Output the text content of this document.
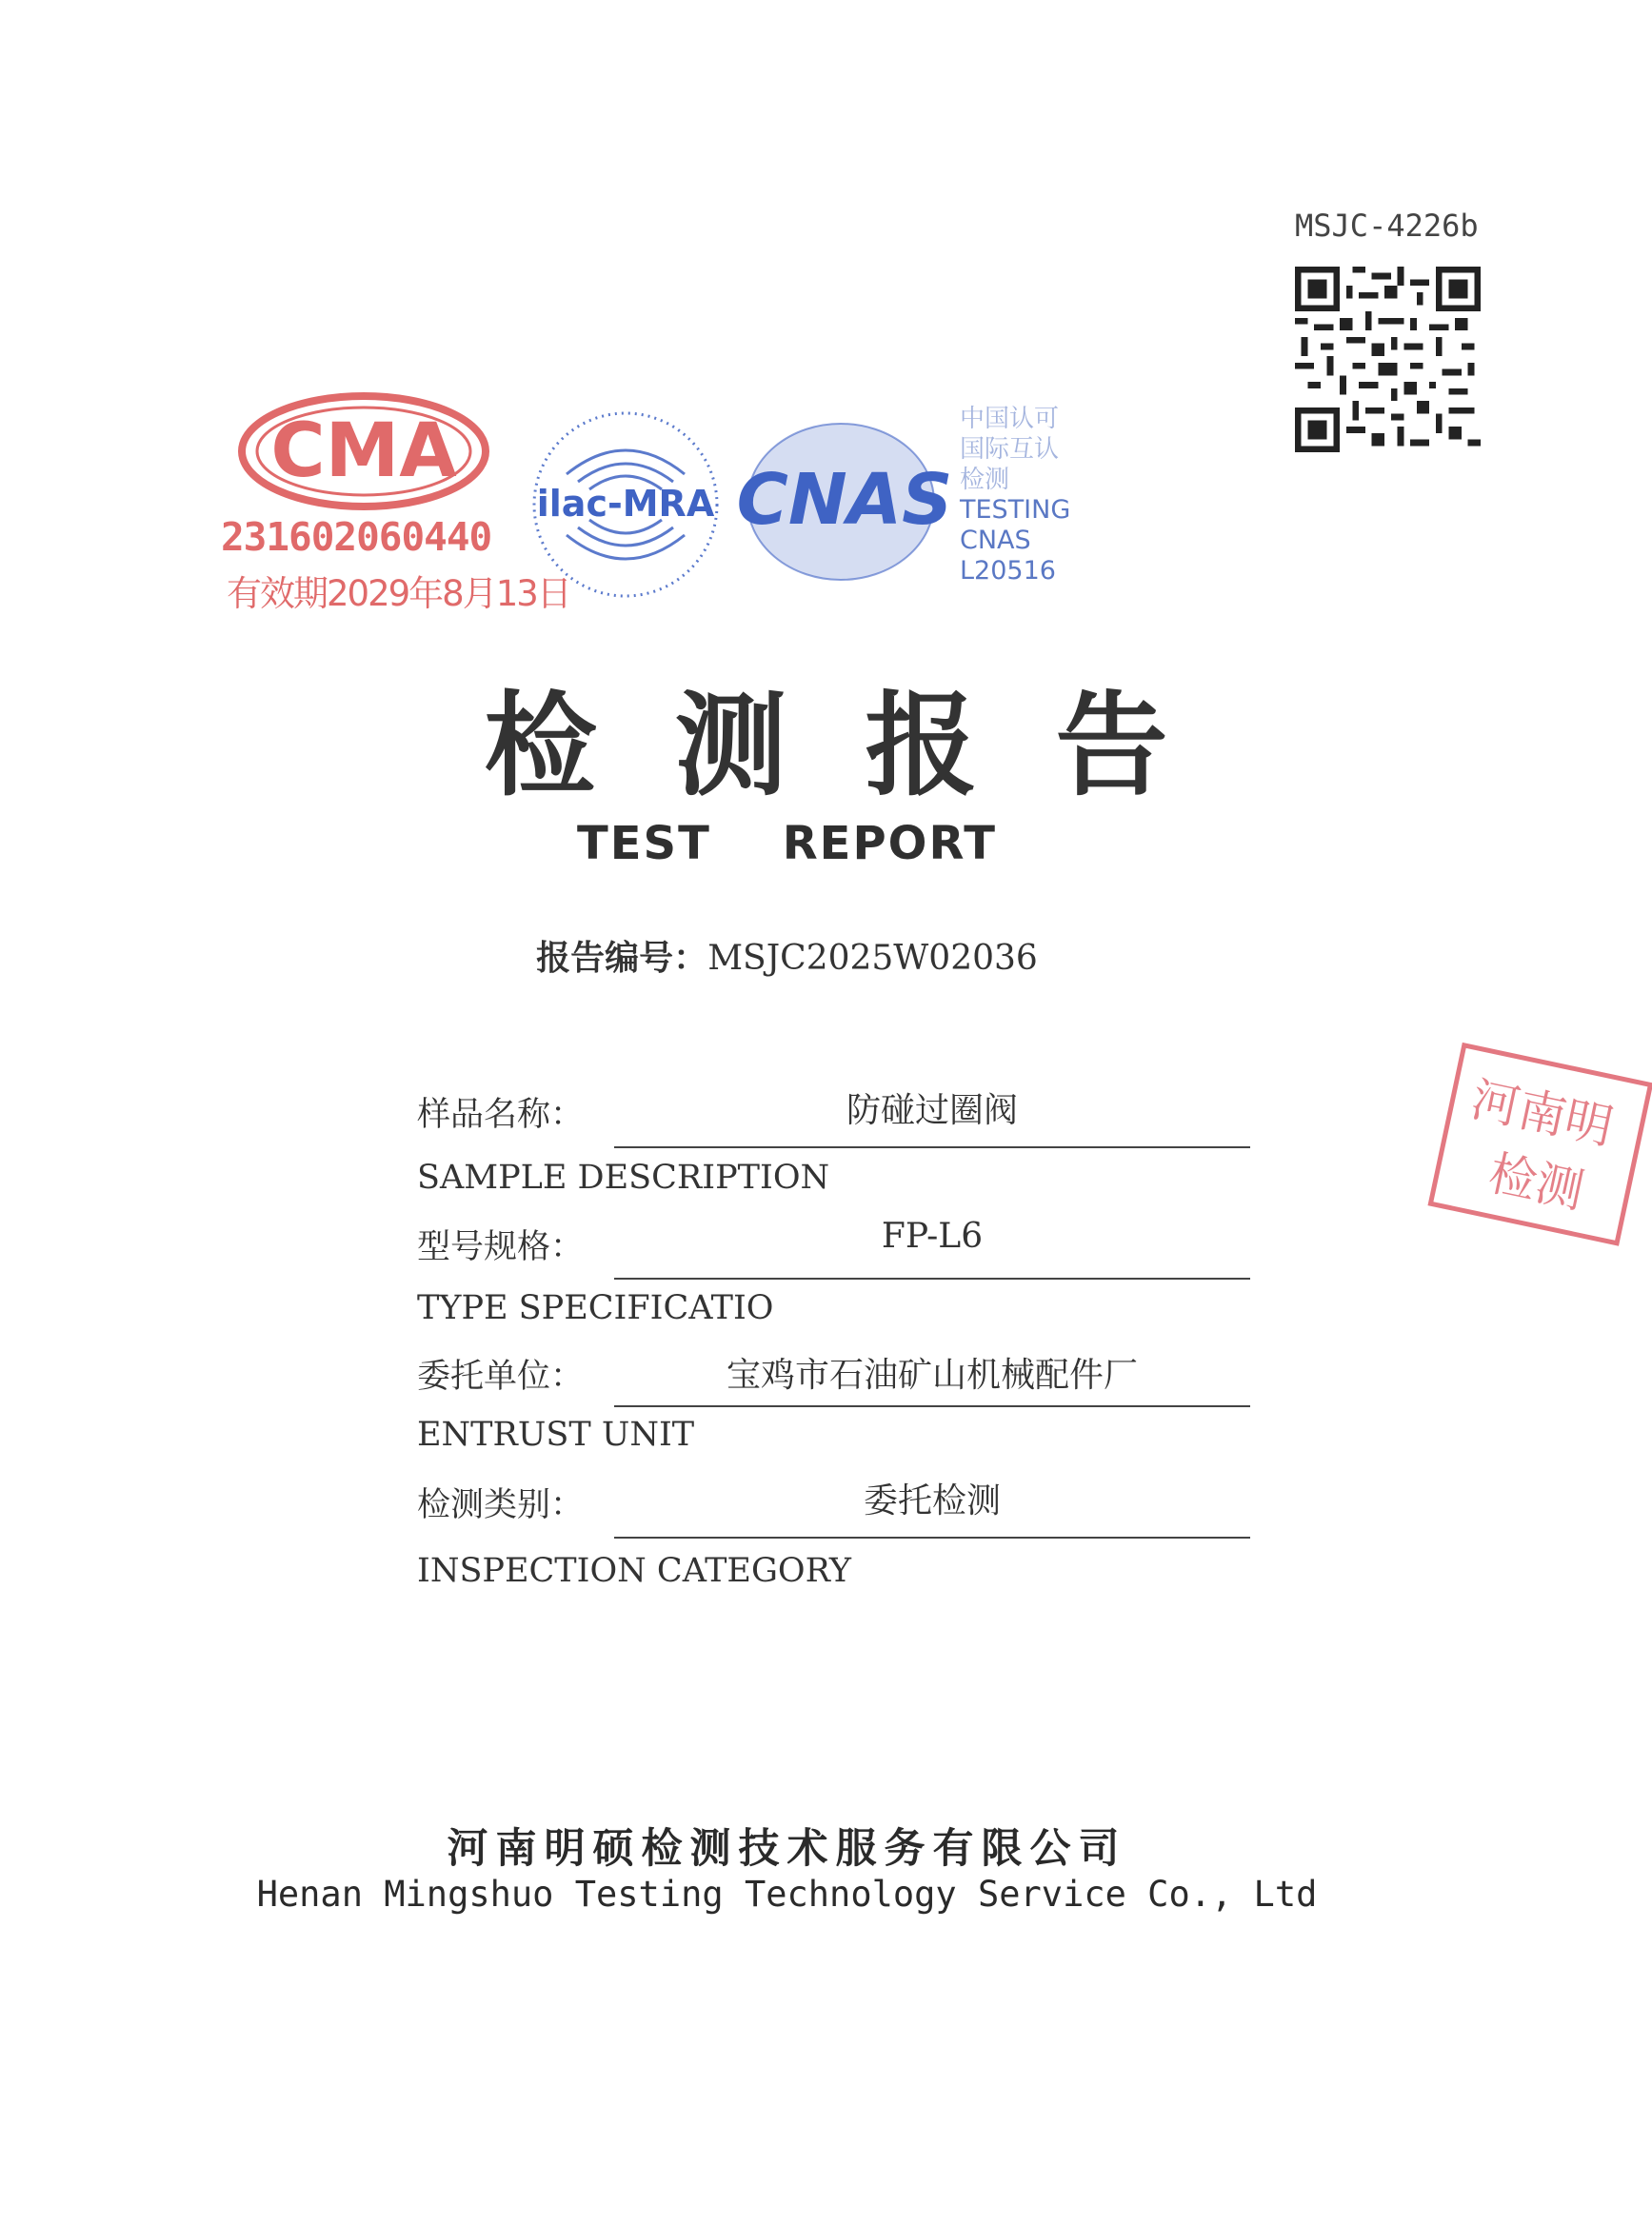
MSJC-4226b
CMA
231602060440
有效期2029年8月13日
ilac-MRA CNAS
中国认可
国际互认
检测
TESTING
CNAS L20516
检测报告
TEST    REPORT
报告编号：MSJC2025W02036
样品名称：	防碰过圈阀
SAMPLE DESCRIPTION
型号规格：	FP-L6
TYPE SPECIFICATIO
委托单位：	宝鸡市石油矿山机械配件厂
ENTRUST UNIT
检测类别：	委托检测
INSPECTION CATEGORY
河南明
检测
河南明硕检测技术服务有限公司
Henan Mingshuo Testing Technology Service Co., Ltd
